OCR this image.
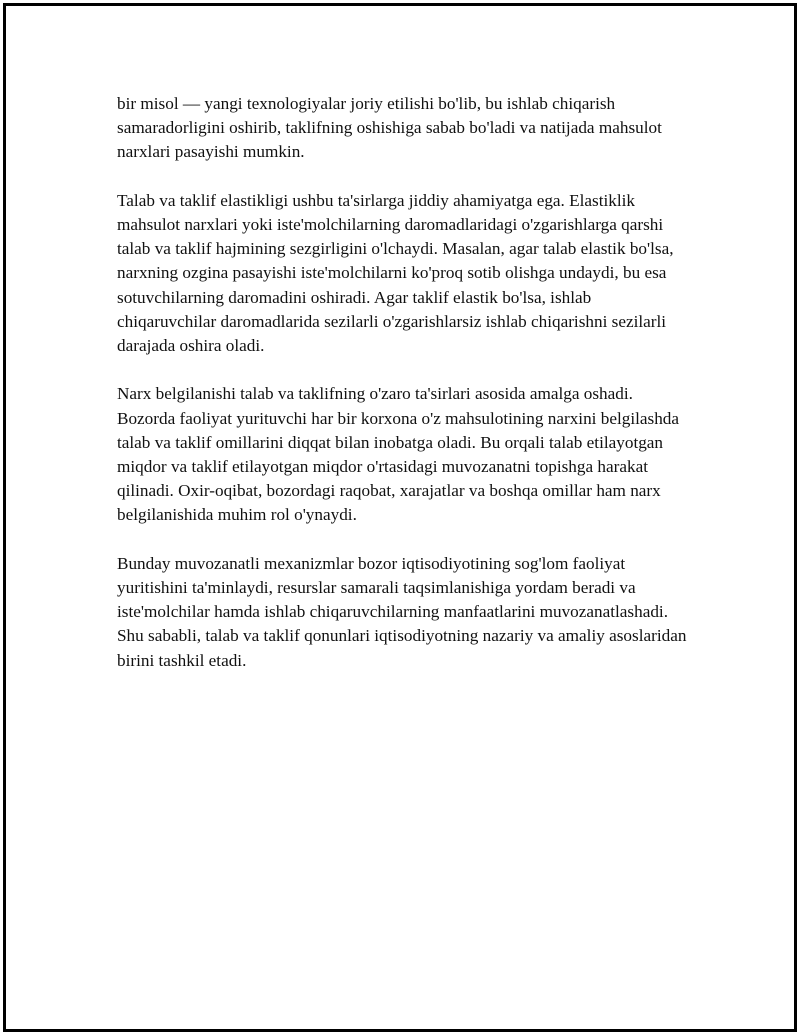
bir misol — yangi texnologiyalar joriy etilishi bo'lib, bu ishlab chiqarish samaradorligini oshirib, taklifning oshishiga sabab bo'ladi va natijada mahsulot narxlari pasayishi mumkin.

Talab va taklif elastikligi ushbu ta'sirlarga jiddiy ahamiyatga ega. Elastiklik mahsulot narxlari yoki iste'molchilarning daromadlaridagi o'zgarishlarga qarshi talab va taklif hajmining sezgirligini o'lchaydi. Masalan, agar talab elastik bo'lsa, narxning ozgina pasayishi iste'molchilarni ko'proq sotib olishga undaydi, bu esa sotuvchilarning daromadini oshiradi. Agar taklif elastik bo'lsa, ishlab chiqaruvchilar daromadlarida sezilarli o'zgarishlarsiz ishlab chiqarishni sezilarli darajada oshira oladi.

Narx belgilanishi talab va taklifning o'zaro ta'sirlari asosida amalga oshadi. Bozorda faoliyat yurituvchi har bir korxona o'z mahsulotining narxini belgilashda talab va taklif omillarini diqqat bilan inobatga oladi. Bu orqali talab etilayotgan miqdor va taklif etilayotgan miqdor o'rtasidagi muvozanatni topishga harakat qilinadi. Oxir-oqibat, bozordagi raqobat, xarajatlar va boshqa omillar ham narx belgilanishida muhim rol o'ynaydi.

Bunday muvozanatli mexanizmlar bozor iqtisodiyotining sog'lom faoliyat yuritishini ta'minlaydi, resurslar samarali taqsimlanishiga yordam beradi va iste'molchilar hamda ishlab chiqaruvchilarning manfaatlarini muvozanatlashadi. Shu sababli, talab va taklif qonunlari iqtisodiyotning nazariy va amaliy asoslaridan birini tashkil etadi.
